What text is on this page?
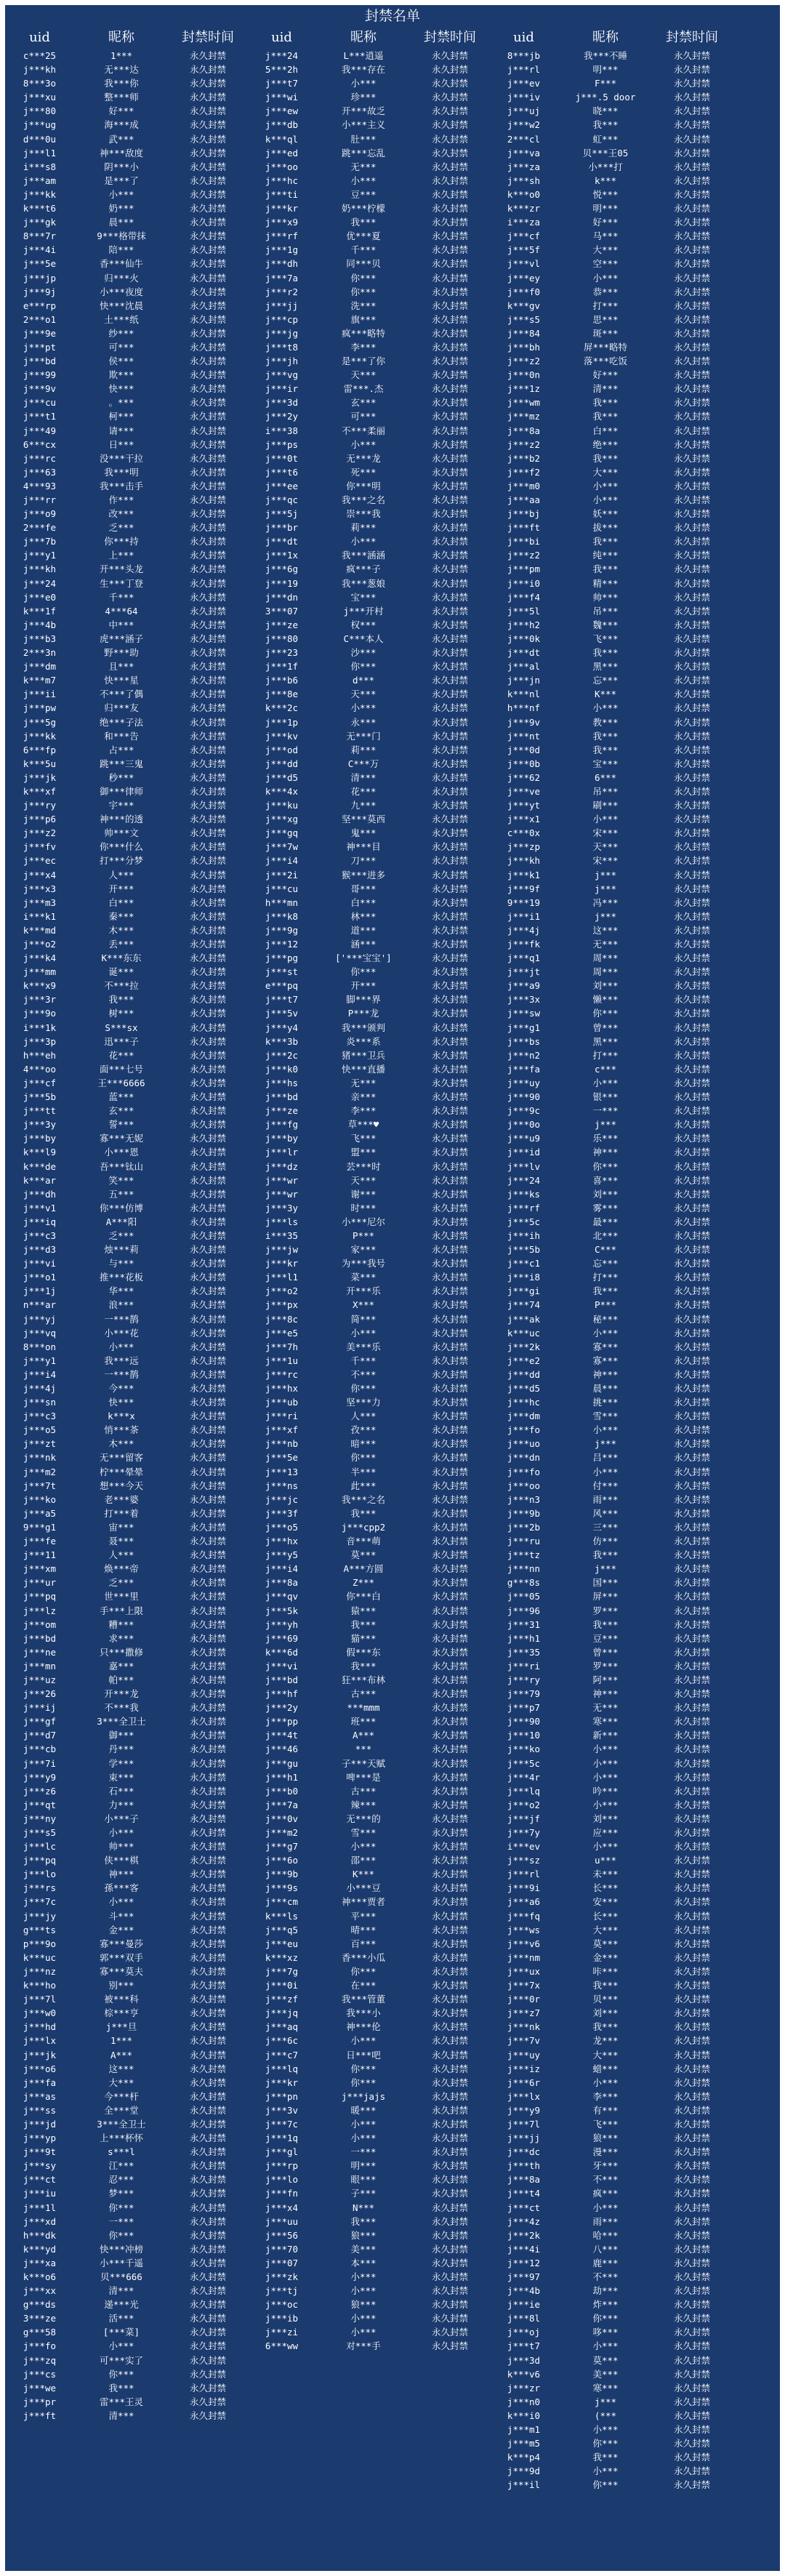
封禁名单
uid	昵称	封禁时间
c***25	1***	永久封禁
j***kh	无***达	永久封禁
8***3o	我***你	永久封禁
j***xu	整***师	永久封禁
j***80	好***	永久封禁
j***ug	海***成	永久封禁
d***0u	武***	永久封禁
j***l1	神***敌度	永久封禁
i***s8	阴***小	永久封禁
j***am	是***了	永久封禁
j***kk	小***	永久封禁
k***t6	奶***	永久封禁
j***gk	晨***	永久封禁
8***7r	9***格带抹	永久封禁
j***4i	陪***	永久封禁
j***5e	香***仙牛	永久封禁
j***jp	归***火	永久封禁
j***9j	小***夜度	永久封禁
e***rp	快***沈晨	永久封禁
2***o1	土***纸	永久封禁
j***9e	纱***	永久封禁
j***pt	可***	永久封禁
j***bd	侯***	永久封禁
j***99	欺***	永久封禁
j***9v	快***	永久封禁
j***cu	。***	永久封禁
j***t1	柯***	永久封禁
j***49	请***	永久封禁
6***cx	日***	永久封禁
j***rc	没***干拉	永久封禁
j***63	我***明	永久封禁
4***93	我***击手	永久封禁
j***rr	作***	永久封禁
j***o9	改***	永久封禁
2***fe	乏***	永久封禁
j***7b	你***持	永久封禁
j***y1	上***	永久封禁
j***kh	开***头龙	永久封禁
j***24	生***丁登	永久封禁
j***e0	千***	永久封禁
k***1f	4***64	永久封禁
j***4b	中***	永久封禁
j***b3	虎***涵子	永久封禁
2***3n	野***助	永久封禁
j***dm	且***	永久封禁
k***m7	快***星	永久封禁
j***ii	不***了偶	永久封禁
j***pw	归***友	永久封禁
j***5g	绝***子法	永久封禁
j***kk	和***告	永久封禁
6***fp	占***	永久封禁
k***5u	跳***三鬼	永久封禁
j***jk	秒***	永久封禁
k***xf	御***律师	永久封禁
j***ry	宇***	永久封禁
j***p6	神***的透	永久封禁
j***z2	帅***文	永久封禁
j***fv	你***什么	永久封禁
j***ec	打***分梦	永久封禁
j***x4	人***	永久封禁
j***x3	开***	永久封禁
j***m3	白***	永久封禁
i***k1	秦***	永久封禁
k***md	木***	永久封禁
j***o2	丢***	永久封禁
j***k4	K***东东	永久封禁
j***mm	诞***	永久封禁
k***x9	不***拉	永久封禁
j***3r	我***	永久封禁
j***9o	树***	永久封禁
i***1k	S***sx	永久封禁
j***3p	迅***子	永久封禁
h***eh	花***	永久封禁
4***oo	面***七号	永久封禁
j***cf	王***6666	永久封禁
j***5b	蓝***	永久封禁
j***tt	玄***	永久封禁
j***3y	誓***	永久封禁
j***by	寡***无妮	永久封禁
k***l9	小***恩	永久封禁
k***de	吾***钛山	永久封禁
k***ar	笑***	永久封禁
j***dh	五***	永久封禁
j***v1	你***仿博	永久封禁
j***iq	A***阳	永久封禁
j***c3	乏***	永久封禁
j***d3	烛***莉	永久封禁
j***vi	与***	永久封禁
j***o1	推***花板	永久封禁
j***1j	华***	永久封禁
n***ar	浪***	永久封禁
j***yj	一***鹊	永久封禁
j***vq	小***花	永久封禁
8***on	小***	永久封禁
j***y1	我***远	永久封禁
j***i4	一***鹊	永久封禁
j***4j	今***	永久封禁
j***sn	快***	永久封禁
j***c3	k***x	永久封禁
j***o5	悄***茶	永久封禁
j***zt	木***	永久封禁
j***nk	无***留客	永久封禁
j***m2	柠***晕晕	永久封禁
j***7t	想***今天	永久封禁
j***ko	老***婆	永久封禁
j***a5	打***着	永久封禁
9***g1	宙***	永久封禁
j***fe	聂***	永久封禁
j***11	人***	永久封禁
j***xm	焕***帝	永久封禁
j***ur	乏***	永久封禁
j***pq	世***里	永久封禁
j***lz	手***上限	永久封禁
j***om	糟***	永久封禁
j***bd	求***	永久封禁
j***ne	只***撒修	永久封禁
j***mn	嘉***	永久封禁
j***uz	帕***	永久封禁
j***26	开***龙	永久封禁
j***ij	不***我	永久封禁
j***gf	3***全卫士	永久封禁
j***d7	御***	永久封禁
j***cb	丹***	永久封禁
j***7i	学***	永久封禁
j***y9	束***	永久封禁
j***z6	石***	永久封禁
j***qt	力***	永久封禁
j***ny	小***子	永久封禁
j***s5	小***	永久封禁
j***lc	帅***	永久封禁
j***pq	侠***棋	永久封禁
j***lo	神***	永久封禁
j***rs	孫***客	永久封禁
j***7c	小***	永久封禁
j***jy	斗***	永久封禁
g***ts	金***	永久封禁
p***9o	寡***曼莎	永久封禁
k***uc	郭***双手	永久封禁
j***nz	寡***莫夫	永久封禁
k***ho	别***	永久封禁
j***7l	被***科	永久封禁
j***w0	棕***亨	永久封禁
j***hd	j***旦	永久封禁
j***lx	1***	永久封禁
j***jk	A***	永久封禁
j***o6	这***	永久封禁
j***fa	大***	永久封禁
j***as	今***杆	永久封禁
j***ss	全***堂	永久封禁
j***jd	3***全卫士	永久封禁
j***yp	上***杯怀	永久封禁
j***9t	s***l	永久封禁
j***sy	江***	永久封禁
j***ct	忍***	永久封禁
j***iu	梦***	永久封禁
j***1l	你***	永久封禁
j***xd	一***	永久封禁
h***dk	你***	永久封禁
k***yd	快***冲榜	永久封禁
j***xa	小***千遥	永久封禁
k***o6	贝***666	永久封禁
j***xx	清***	永久封禁
g***ds	递***光	永久封禁
3***ze	活***	永久封禁
g***58	[***菜]	永久封禁
j***fo	小***	永久封禁
j***zq	可***实了	永久封禁
j***cs	你***	永久封禁
j***we	我***	永久封禁
j***pr	雷***王灵	永久封禁
j***ft	清***	永久封禁
uid	昵称	封禁时间
j***24	L***逍遥	永久封禁
5***2h	我***存在	永久封禁
j***t7	小***	永久封禁
j***wi	珍***	永久封禁
j***ew	开***故乏	永久封禁
j***db	小***主义	永久封禁
k***ql	肚***	永久封禁
j***ed	跳***忘乱	永久封禁
j***oo	无***	永久封禁
j***hc	小***	永久封禁
j***ti	豆***	永久封禁
j***kr	奶***柠檬	永久封禁
j***x9	我***	永久封禁
j***rf	优***夏	永久封禁
j***1g	千***	永久封禁
j***dh	同***贝	永久封禁
j***7a	你***	永久封禁
j***r2	你***	永久封禁
j***jj	洗***	永久封禁
j***cp	旗***	永久封禁
j***jg	疯***略特	永久封禁
j***t8	李***	永久封禁
j***jh	是***了你	永久封禁
j***vg	天***	永久封禁
j***ir	雷***.杰	永久封禁
j***3d	玄***	永久封禁
j***2y	可***	永久封禁
i***38	不***柔丽	永久封禁
j***ps	小***	永久封禁
j***0t	无***龙	永久封禁
j***t6	死***	永久封禁
j***ee	你***明	永久封禁
j***qc	我***之名	永久封禁
j***5j	崇***我	永久封禁
j***br	莉***	永久封禁
j***dt	小***	永久封禁
j***1x	我***涵涵	永久封禁
j***6g	疯***子	永久封禁
j***19	我***葱娘	永久封禁
j***dn	宝***	永久封禁
3***07	j***开村	永久封禁
j***ze	权***	永久封禁
j***80	C***本人	永久封禁
j***23	沙***	永久封禁
j***1f	你***	永久封禁
j***b6	d***	永久封禁
j***8e	天***	永久封禁
k***2c	小***	永久封禁
j***1p	永***	永久封禁
j***kv	无***门	永久封禁
j***od	莉***	永久封禁
j***dd	C***万	永久封禁
j***d5	清***	永久封禁
k***4x	花***	永久封禁
j***ku	九***	永久封禁
j***xg	坚***莫西	永久封禁
j***gq	鬼***	永久封禁
j***7w	神***目	永久封禁
j***i4	刀***	永久封禁
j***2i	猴***进多	永久封禁
j***cu	哥***	永久封禁
h***mn	白***	永久封禁
j***k8	林***	永久封禁
j***9g	道***	永久封禁
j***12	涵***	永久封禁
j***pg	['***宝宝']	永久封禁
j***st	你***	永久封禁
e***pq	开***	永久封禁
j***t7	脚***界	永久封禁
j***5v	P***龙	永久封禁
j***y4	我***颁判	永久封禁
k***3b	炎***系	永久封禁
j***2c	猪***卫兵	永久封禁
j***k0	快***直播	永久封禁
j***hs	无***	永久封禁
j***bd	亲***	永久封禁
j***ze	李***	永久封禁
j***fg	草***♥	永久封禁
j***by	飞***	永久封禁
j***lr	盟***	永久封禁
j***dz	芸***时	永久封禁
j***wr	天***	永久封禁
j***wr	谢***	永久封禁
j***3y	时***	永久封禁
j***ls	小***尼尔	永久封禁
i***35	P***	永久封禁
j***jw	家***	永久封禁
j***kr	为***我号	永久封禁
j***l1	菜***	永久封禁
j***o2	开***乐	永久封禁
j***px	X***	永久封禁
j***8c	简***	永久封禁
j***e5	小***	永久封禁
j***7h	美***乐	永久封禁
j***1u	千***	永久封禁
j***rc	不***	永久封禁
j***hx	你***	永久封禁
j***ub	坚***力	永久封禁
j***ri	人***	永久封禁
j***xf	孜***	永久封禁
j***nb	暗***	永久封禁
j***5e	你***	永久封禁
j***13	半***	永久封禁
j***ns	此***	永久封禁
j***jc	我***之名	永久封禁
j***3f	我***	永久封禁
j***o5	j***cpp2	永久封禁
j***hx	音***萌	永久封禁
j***y5	莫***	永久封禁
j***i4	A***方圆	永久封禁
j***8a	Z***	永久封禁
j***qv	你***白	永久封禁
j***5k	猿***	永久封禁
j***yh	我***	永久封禁
j***69	猫***	永久封禁
k***6d	假***东	永久封禁
j***vi	我***	永久封禁
j***bd	狂***布林	永久封禁
j***hf	古***	永久封禁
j***2y	***mmm	永久封禁
j***pp	班***	永久封禁
j***4t	A***	永久封禁
j***46	***	永久封禁
j***gu	子***天赋	永久封禁
j***h1	啤***是	永久封禁
j***b0	古***	永久封禁
j***7a	辣***	永久封禁
j***0v	无***的	永久封禁
j***m2	雪***	永久封禁
j***g7	小***	永久封禁
j***6o	邵***	永久封禁
j***9b	K***	永久封禁
j***9s	小***豆	永久封禁
j***cm	神***贾者	永久封禁
k***ls	平***	永久封禁
j***q5	晴***	永久封禁
j***eu	百***	永久封禁
k***xz	香***小瓜	永久封禁
j***7g	你***	永久封禁
j***0i	在***	永久封禁
j***zf	我***管董	永久封禁
j***jq	我***小	永久封禁
j***aq	神***伦	永久封禁
j***6c	小***	永久封禁
j***c7	日***吧	永久封禁
j***lq	你***	永久封禁
j***kr	你***	永久封禁
j***pn	j***jajs	永久封禁
j***3v	暖***	永久封禁
j***7c	小***	永久封禁
j***1q	小***	永久封禁
j***gl	一***	永久封禁
j***rp	明***	永久封禁
j***lo	眼***	永久封禁
j***fn	子***	永久封禁
j***x4	N***	永久封禁
j***uu	我***	永久封禁
j***56	狼***	永久封禁
j***70	美***	永久封禁
j***07	本***	永久封禁
j***zk	小***	永久封禁
j***tj	小***	永久封禁
j***oc	狼***	永久封禁
j***ib	小***	永久封禁
j***zi	小***	永久封禁
6***ww	对***手	永久封禁
uid	昵称	封禁时间
8***jb	我***不睡	永久封禁
j***rl	明***	永久封禁
j***ev	F***	永久封禁
j***iv	j***.5 door	永久封禁
j***uj	晓***	永久封禁
j***w2	我***	永久封禁
2***cl	虹***	永久封禁
j***va	贝***王05	永久封禁
j***za	小***打	永久封禁
j***sh	k***	永久封禁
k***o0	悦***	永久封禁
k***zr	明***	永久封禁
i***za	好***	永久封禁
j***cf	马***	永久封禁
j***5f	大***	永久封禁
j***vl	空***	永久封禁
j***ey	小***	永久封禁
j***f0	恭***	永久封禁
k***gv	打***	永久封禁
j***s5	思***	永久封禁
j***84	斑***	永久封禁
j***bh	屏***略特	永久封禁
j***z2	落***吃饭	永久封禁
j***0n	好***	永久封禁
j***1z	清***	永久封禁
j***wm	我***	永久封禁
j***mz	我***	永久封禁
j***8a	白***	永久封禁
j***z2	绝***	永久封禁
j***b2	我***	永久封禁
j***f2	大***	永久封禁
j***m0	小***	永久封禁
j***aa	小***	永久封禁
j***bj	妖***	永久封禁
j***ft	拔***	永久封禁
j***bi	我***	永久封禁
j***z2	纯***	永久封禁
j***pm	我***	永久封禁
j***i0	精***	永久封禁
j***f4	帅***	永久封禁
j***5l	吊***	永久封禁
j***h2	魏***	永久封禁
j***0k	飞***	永久封禁
j***dt	我***	永久封禁
j***al	黑***	永久封禁
j***jn	忘***	永久封禁
k***nl	K***	永久封禁
h***nf	小***	永久封禁
j***9v	教***	永久封禁
j***nt	我***	永久封禁
j***0d	我***	永久封禁
j***0b	宝***	永久封禁
j***62	6***	永久封禁
j***ve	吊***	永久封禁
j***yt	刷***	永久封禁
j***x1	小***	永久封禁
c***0x	宋***	永久封禁
j***zp	天***	永久封禁
j***kh	宋***	永久封禁
j***k1	j***	永久封禁
j***9f	j***	永久封禁
9***19	冯***	永久封禁
j***i1	j***	永久封禁
j***4j	这***	永久封禁
j***fk	无***	永久封禁
j***q1	周***	永久封禁
j***jt	周***	永久封禁
j***a9	刘***	永久封禁
j***3x	懒***	永久封禁
j***sw	你***	永久封禁
j***g1	曾***	永久封禁
j***bs	黑***	永久封禁
j***n2	打***	永久封禁
j***fa	c***	永久封禁
j***uy	小***	永久封禁
j***90	银***	永久封禁
j***9c	一***	永久封禁
j***0o	j***	永久封禁
j***u9	乐***	永久封禁
j***id	神***	永久封禁
j***lv	你***	永久封禁
j***24	喜***	永久封禁
j***ks	刘***	永久封禁
j***rf	雾***	永久封禁
j***5c	最***	永久封禁
j***ih	北***	永久封禁
j***5b	C***	永久封禁
j***c1	忘***	永久封禁
j***i8	打***	永久封禁
j***gi	我***	永久封禁
j***74	P***	永久封禁
j***ak	秘***	永久封禁
k***uc	小***	永久封禁
j***2k	寡***	永久封禁
j***e2	寡***	永久封禁
j***dd	神***	永久封禁
j***d5	晨***	永久封禁
j***hc	挑***	永久封禁
j***dm	雪***	永久封禁
j***fo	小***	永久封禁
j***uo	j***	永久封禁
j***dn	吕***	永久封禁
j***fo	小***	永久封禁
j***oo	付***	永久封禁
j***n3	雨***	永久封禁
j***9b	风***	永久封禁
j***2b	三***	永久封禁
j***ru	仿***	永久封禁
j***tz	我***	永久封禁
j***nn	j***	永久封禁
g***8s	国***	永久封禁
j***05	屏***	永久封禁
j***96	罗***	永久封禁
j***31	我***	永久封禁
j***h1	豆***	永久封禁
j***35	曾***	永久封禁
j***ri	罗***	永久封禁
j***ry	阿***	永久封禁
j***79	神***	永久封禁
j***p7	无***	永久封禁
j***90	寒***	永久封禁
j***10	新***	永久封禁
j***ko	小***	永久封禁
j***5c	小***	永久封禁
j***4r	小***	永久封禁
j***lq	吟***	永久封禁
j***o2	小***	永久封禁
j***jf	刘***	永久封禁
j***7y	应***	永久封禁
i***ev	小***	永久封禁
j***sz	u***	永久封禁
j***rl	未***	永久封禁
j***9i	长***	永久封禁
j***a6	安***	永久封禁
j***fq	长***	永久封禁
j***ws	大***	永久封禁
j***v6	莫***	永久封禁
j***nm	金***	永久封禁
j***ux	咔***	永久封禁
j***7x	我***	永久封禁
j***0r	贝***	永久封禁
j***z7	刘***	永久封禁
j***nk	我***	永久封禁
j***7v	龙***	永久封禁
j***uy	大***	永久封禁
j***iz	蜡***	永久封禁
j***6r	小***	永久封禁
j***lx	李***	永久封禁
j***y9	有***	永久封禁
j***7l	飞***	永久封禁
j***jj	狼***	永久封禁
j***dc	漫***	永久封禁
j***th	牙***	永久封禁
j***8a	不***	永久封禁
j***t4	疯***	永久封禁
j***ct	小***	永久封禁
j***4z	雨***	永久封禁
j***2k	哈***	永久封禁
j***4i	八***	永久封禁
j***12	鹿***	永久封禁
j***97	不***	永久封禁
j***4b	劫***	永久封禁
j***ie	炸***	永久封禁
j***8l	你***	永久封禁
j***oj	哆***	永久封禁
j***t7	小***	永久封禁
j***3d	莫***	永久封禁
k***v6	美***	永久封禁
j***zr	寒***	永久封禁
j***n0	j***	永久封禁
k***i0	(***	永久封禁
j***m1	小***	永久封禁
j***m5	你***	永久封禁
k***p4	我***	永久封禁
j***9d	小***	永久封禁
j***il	你***	永久封禁
